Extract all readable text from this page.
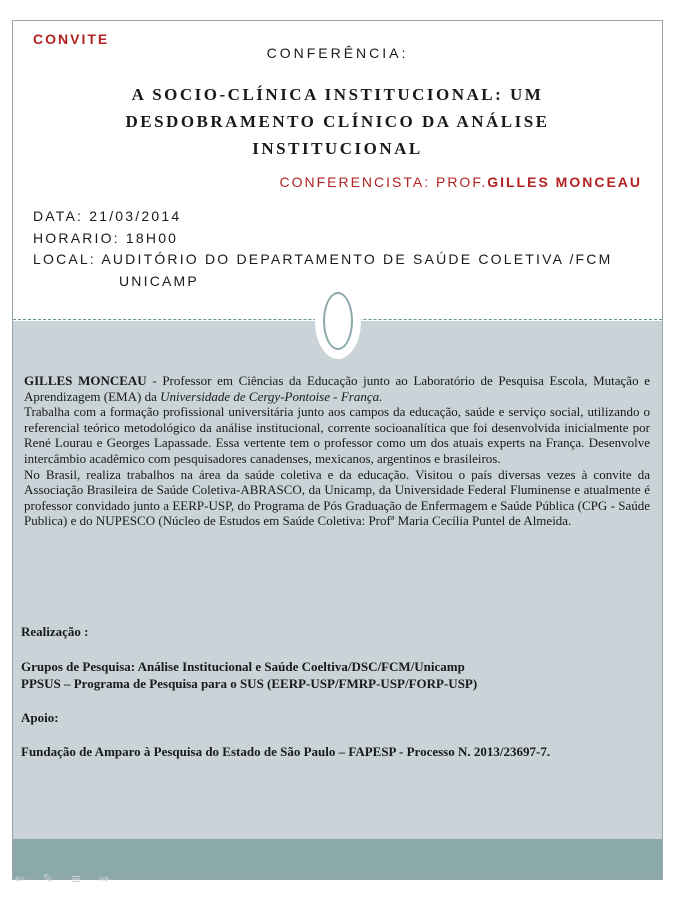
CONVITE
CONFERÊNCIA:
A SOCIO-CLÍNICA INSTITUCIONAL: UM DESDOBRAMENTO CLÍNICO DA ANÁLISE INSTITUCIONAL
CONFERENCISTA: PROF.GILLES MONCEAU
DATA: 21/03/2014
HORARIO: 18H00
LOCAL: AUDITÓRIO DO DEPARTAMENTO DE SAÚDE COLETIVA /FCM
UNICAMP

GILLES MONCEAU - Professor em Ciências da Educação junto ao Laboratório de Pesquisa Escola, Mutação e Aprendizagem (EMA) da Universidade de Cergy-Pontoise - França.

Trabalha com a formação profissional universitária junto aos campos da educação, saúde e serviço social, utilizando o referencial teórico metodológico da análise institucional, corrente socioanalítica que foi desenvolvida inicialmente por René Lourau e Georges Lapassade. Essa vertente tem o professor como um dos atuais experts na França. Desenvolve intercâmbio acadêmico com pesquisadores canadenses, mexicanos, argentinos e brasileiros.

No Brasil, realiza trabalhos na área da saúde coletiva e da educação. Visitou o país diversas vezes à convite da Associação Brasileira de Saúde Coletiva-ABRASCO, da Unicamp, da Universidade Federal Fluminense e atualmente é professor convidado junto a EERP-USP, do Programa de Pós Graduação de Enfermagem e Saúde Pública (CPG - Saúde Publica) e do NUPESCO (Núcleo de Estudos em Saúde Coletiva: Profª Maria Cecília Puntel de Almeida.

Realização :

Grupos de Pesquisa: Análise Institucional e Saúde Coeltiva/DSC/FCM/Unicamp

PPSUS – Programa de Pesquisa para o SUS (EERP-USP/FMRP-USP/FORP-USP)

Apoio:

Fundação de Amparo à Pesquisa do Estado de São Paulo – FAPESP - Processo N. 2013/23697-7.

⇐ ✎ ≡ ⇒
